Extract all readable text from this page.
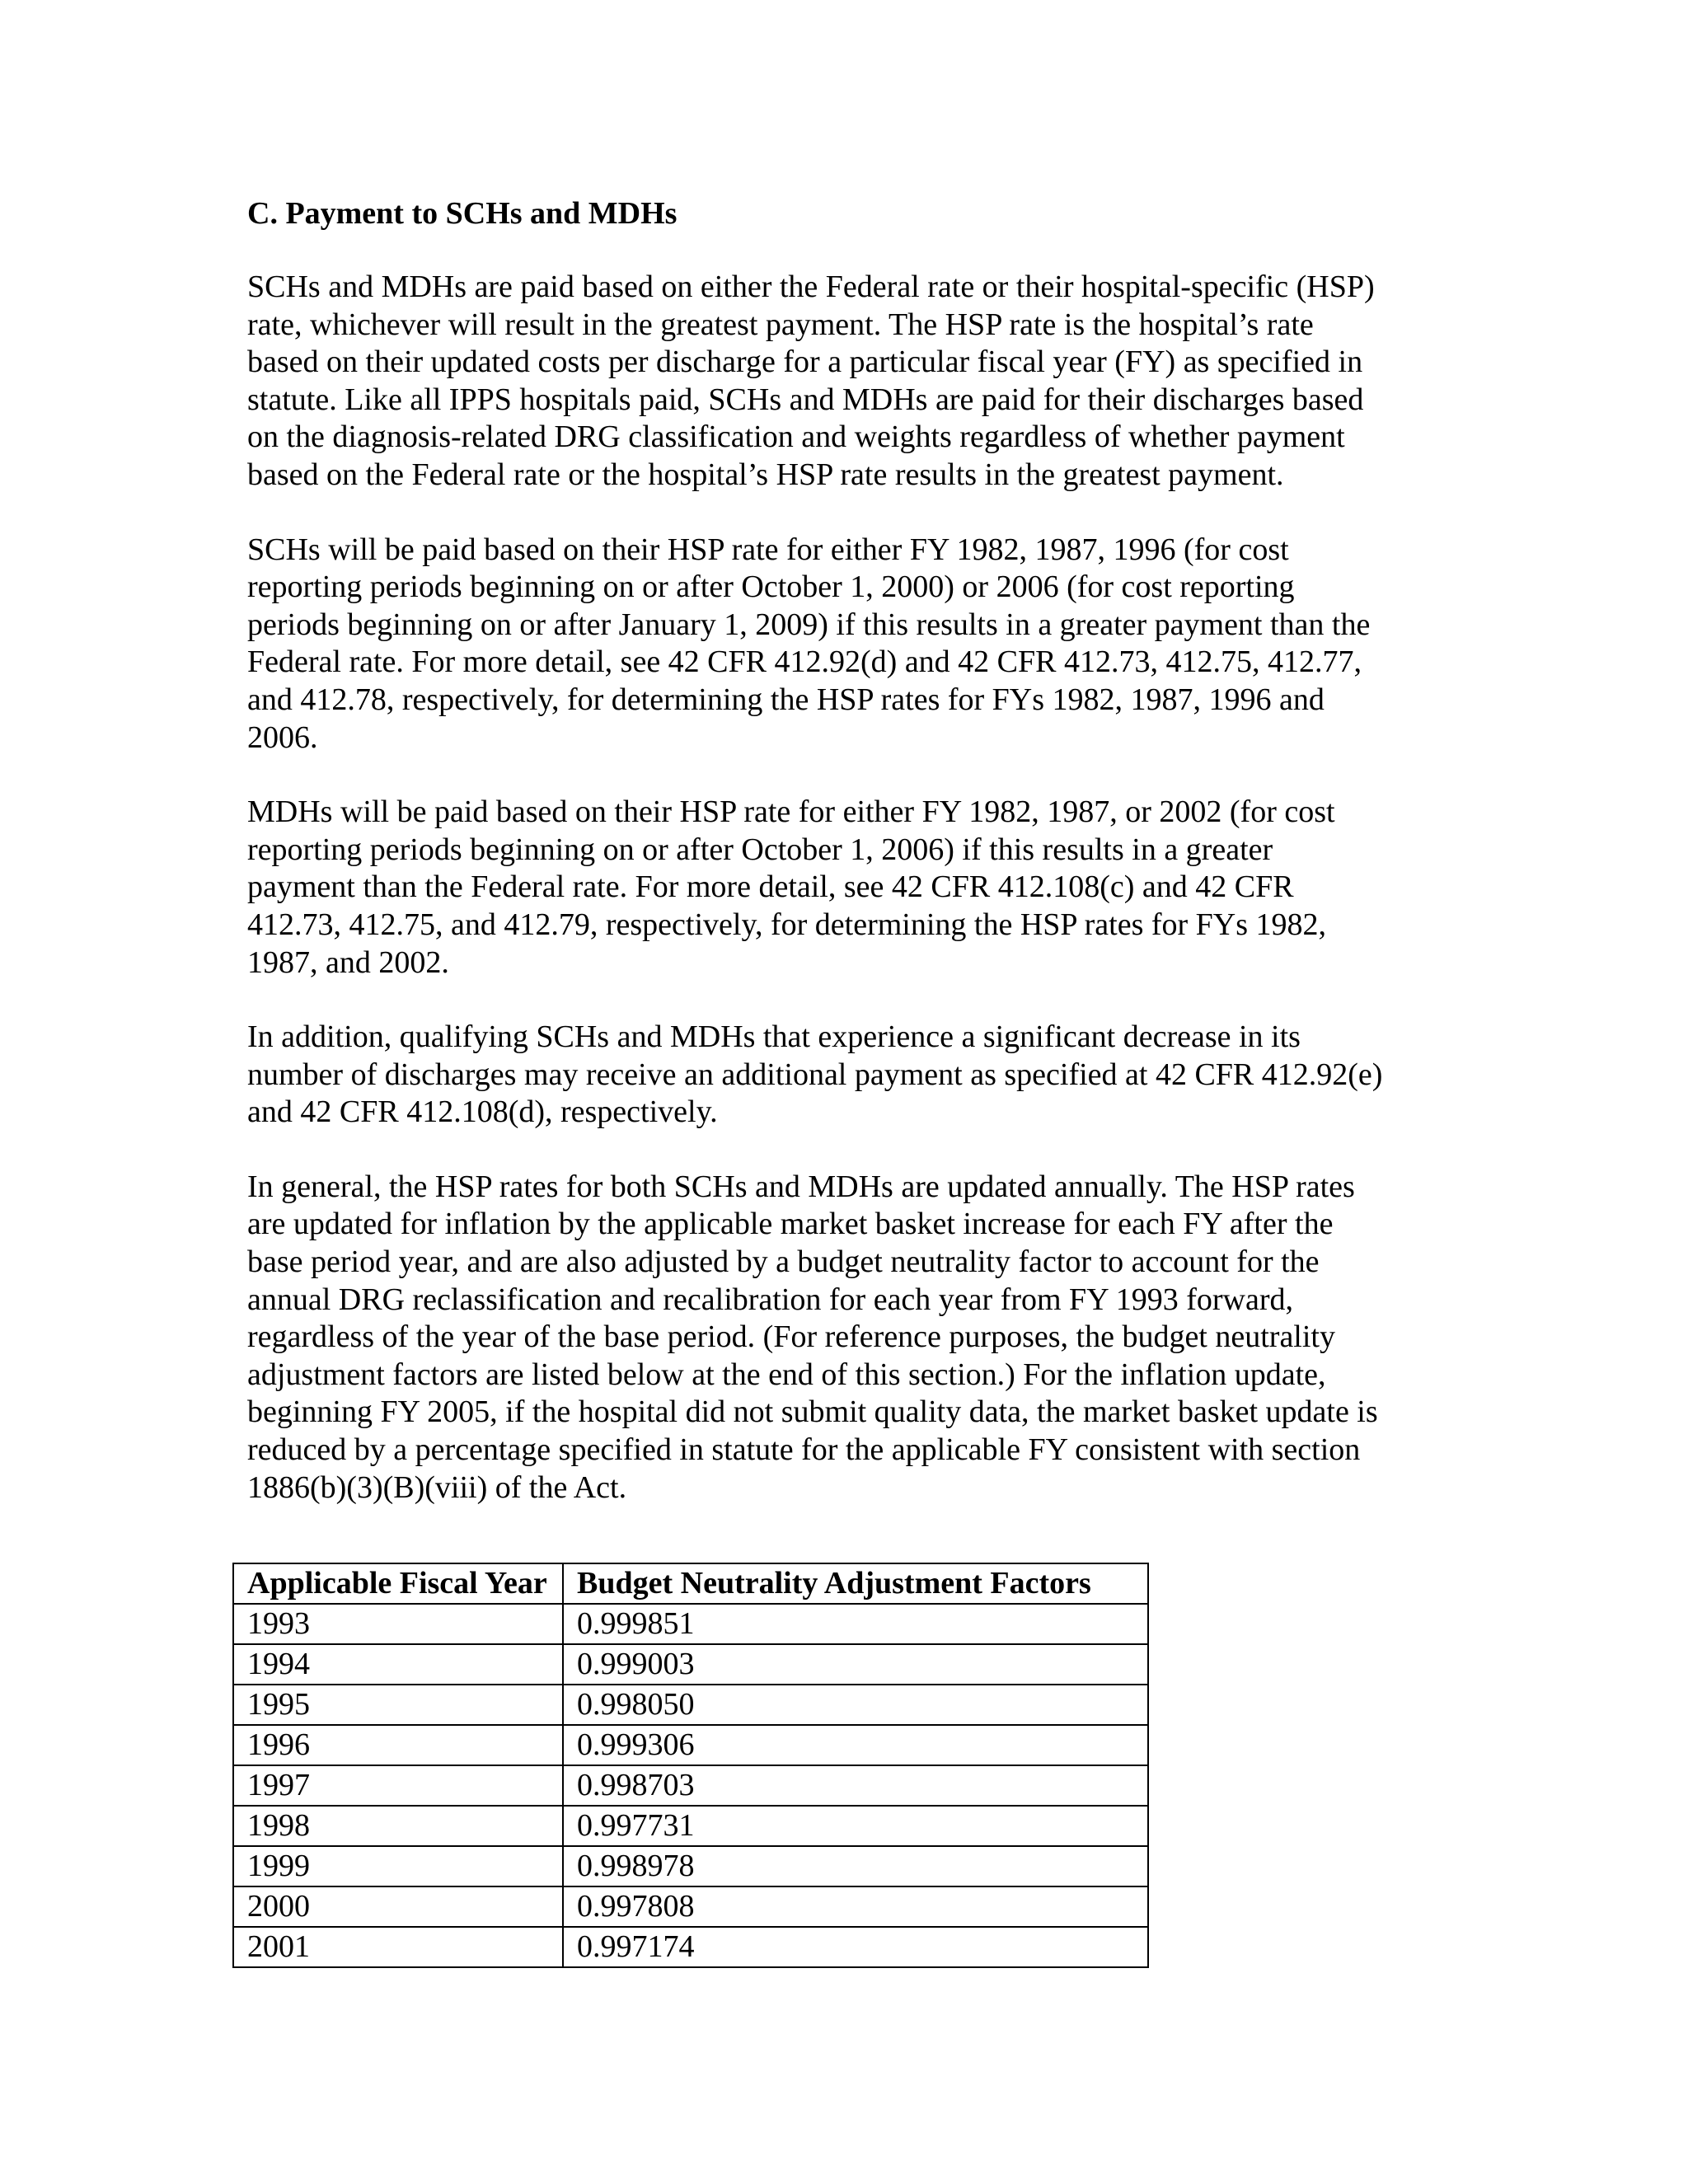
C. Payment to SCHs and MDHs
SCHs and MDHs are paid based on either the Federal rate or their hospital-specific (HSP)
rate, whichever will result in the greatest payment. The HSP rate is the hospital’s rate
based on their updated costs per discharge for a particular fiscal year (FY) as specified in
statute. Like all IPPS hospitals paid, SCHs and MDHs are paid for their discharges based
on the diagnosis-related DRG classification and weights regardless of whether payment
based on the Federal rate or the hospital’s HSP rate results in the greatest payment.
SCHs will be paid based on their HSP rate for either FY 1982, 1987, 1996 (for cost
reporting periods beginning on or after October 1, 2000) or 2006 (for cost reporting
periods beginning on or after January 1, 2009) if this results in a greater payment than the
Federal rate. For more detail, see 42 CFR 412.92(d) and 42 CFR 412.73, 412.75, 412.77,
and 412.78, respectively, for determining the HSP rates for FYs 1982, 1987, 1996 and
2006.
MDHs will be paid based on their HSP rate for either FY 1982, 1987, or 2002 (for cost
reporting periods beginning on or after October 1, 2006) if this results in a greater
payment than the Federal rate. For more detail, see 42 CFR 412.108(c) and 42 CFR
412.73, 412.75, and 412.79, respectively, for determining the HSP rates for FYs 1982,
1987, and 2002.
In addition, qualifying SCHs and MDHs that experience a significant decrease in its
number of discharges may receive an additional payment as specified at 42 CFR 412.92(e)
and 42 CFR 412.108(d), respectively.
In general, the HSP rates for both SCHs and MDHs are updated annually. The HSP rates
are updated for inflation by the applicable market basket increase for each FY after the
base period year, and are also adjusted by a budget neutrality factor to account for the
annual DRG reclassification and recalibration for each year from FY 1993 forward,
regardless of the year of the base period. (For reference purposes, the budget neutrality
adjustment factors are listed below at the end of this section.) For the inflation update,
beginning FY 2005, if the hospital did not submit quality data, the market basket update is
reduced by a percentage specified in statute for the applicable FY consistent with section
1886(b)(3)(B)(viii) of the Act.
Applicable Fiscal Year	Budget Neutrality Adjustment Factors
1993	0.999851
1994	0.999003
1995	0.998050
1996	0.999306
1997	0.998703
1998	0.997731
1999	0.998978
2000	0.997808
2001	0.997174
